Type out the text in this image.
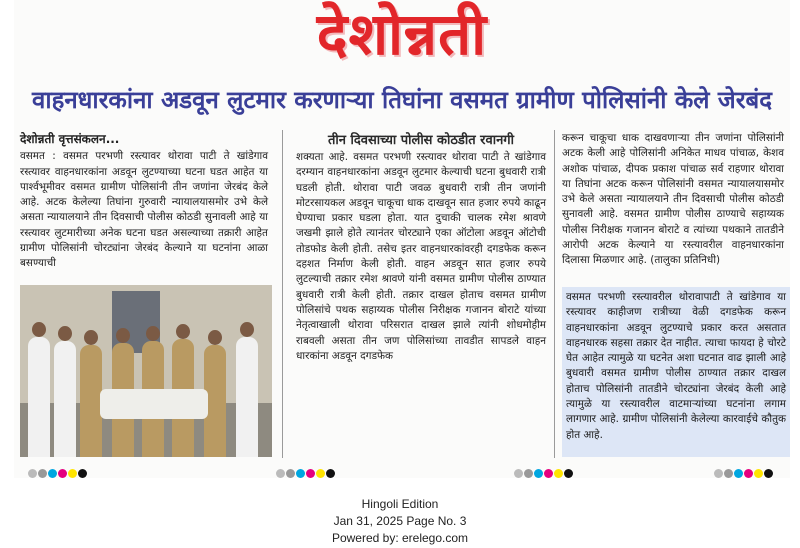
देशोन्नती
वाहनधारकांना अडवून लुटमार करणाऱ्या तिघांना वसमत ग्रामीण पोलिसांनी केले जेरबंद
तीन दिवसाच्या पोलीस कोठडीत रवानगी
देशोन्नती वृत्तसंकलन...
वसमत : वसमत परभणी रस्त्यावर थोरावा पाटी ते खांडेगाव रस्त्यावर वाहनधारकांना अडवून लुटण्याच्या घटना घडत आहेत या पार्श्वभूमीवर वसमत ग्रामीण पोलिसांनी तीन जणांना जेरबंद केले आहे. अटक केलेल्या तिघांना गुरुवारी न्यायालयासमोर उभे केले असता न्यायालयाने तीन दिवसाची पोलीस कोठडी सुनावली आहे या रस्त्यावर लुटमारीच्या अनेक घटना घडत असल्याच्या तक्रारी आहेत ग्रामीण पोलिसांनी चोरट्यांना जेरबंद केल्याने या घटनांना आळा बसण्याची
शक्यता आहे. वसमत परभणी रस्त्यावर थोरावा पाटी ते खांडेगाव दरम्यान वाहनधारकांना अडवून लुटमार केल्याची घटना बुधवारी रात्री घडली होती. थोरावा पाटी जवळ बुधवारी रात्री तीन जणांनी मोटरसायकल अडवून चाकूचा धाक दाखवून सात हजार रुपये काढून घेण्याचा प्रकार घडला होता. यात दुचाकी चालक रमेश श्रावणे जखमी झाले होते त्यानंतर चोरट्याने एका ऑटोला अडवून ऑटोची तोडफोड केली होती. तसेच इतर वाहनधारकांवरही दगडफेक करून दहशत निर्माण केली होती. वाहन अडवून सात हजार रुपये लुटल्याची तक्रार रमेश श्रावणे यांनी वसमत ग्रामीण पोलीस ठाण्यात बुधवारी रात्री केली होती. तक्रार दाखल होताच वसमत ग्रामीण पोलिसांचे पथक सहाय्यक पोलीस निरीक्षक गजानन बोराटे यांच्या नेतृत्वाखाली थोरावा परिसरात दाखल झाले त्यांनी शोधमोहीम राबवली असता तीन जण पोलिसांच्या तावडीत सापडले वाहन धारकांना अडवून दगडफेक
करून चाकूचा धाक दाखवणाऱ्या तीन जणांना पोलिसांनी अटक केली आहे पोलिसांनी अनिकेत माधव पांचाळ, केशव अशोक पांचाळ, दीपक प्रकाश पांचाळ सर्व राहणार थोरावा या तिघांना अटक करून पोलिसांनी वसमत न्यायालयासमोर उभे केले असता न्यायालयाने तीन दिवसाची पोलीस कोठडी सुनावली आहे. वसमत ग्रामीण पोलीस ठाण्याचे सहाय्यक पोलीस निरीक्षक गजानन बोराटे व त्यांच्या पथकाने तातडीने आरोपी अटक केल्याने या रस्त्यावरील वाहनधारकांना दिलासा मिळणार आहे. (तालुका प्रतिनिधी)
वसमत परभणी रस्त्यावरील थोरावापाटी ते खांडेगाव या रस्त्यावर काहीजण रात्रीच्या वेळी दगडफेक करून वाहनधारकांना अडवून लुटण्याचे प्रकार करत असतात वाहनधारक सहसा तक्रार देत नाहीत. त्याचा फायदा हे चोरटे घेत आहेत त्यामुळे या घटनेत अशा घटनात वाढ झाली आहे बुधवारी वसमत ग्रामीण पोलीस ठाण्यात तक्रार दाखल होताच पोलिसांनी तातडीने चोरट्यांना जेरबंद केली आहे त्यामुळे या रस्त्यावरील वाटमाऱ्यांच्या घटनांना लगाम लागणार आहे. ग्रामीण पोलिसांनी केलेल्या कारवाईचे कौतुक होत आहे.
Hingoli Edition
Jan 31, 2025 Page No. 3
Powered by: erelego.com
